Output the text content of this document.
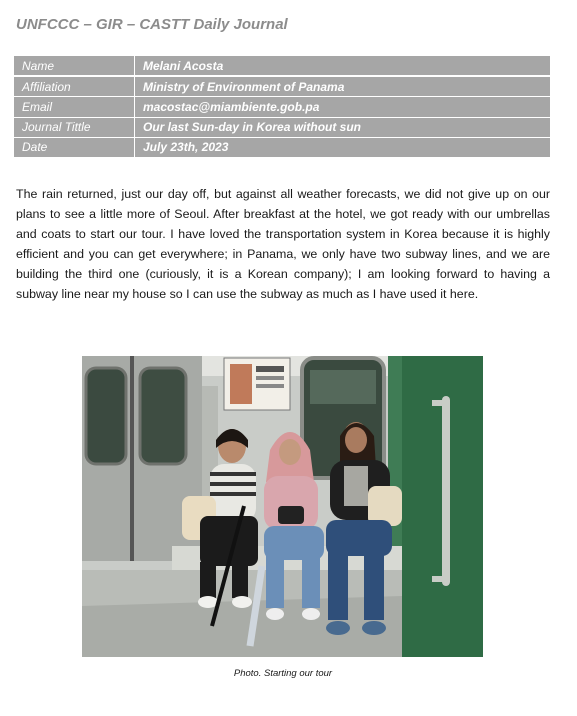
UNFCCC – GIR – CASTT Daily Journal
Name	Melani Acosta
Affiliation	Ministry of Environment of Panama
Email	macostac@miambiente.gob.pa
Journal Tittle	Our last Sun-day in Korea without sun
Date	July 23th, 2023
The rain returned, just our day off, but against all weather forecasts, we did not give up on our plans to see a little more of Seoul. After breakfast at the hotel, we got ready with our umbrellas and coats to start our tour. I have loved the transportation system in Korea because it is highly efficient and you can get everywhere; in Panama, we only have two subway lines, and we are building the third one (curiously, it is a Korean company); I am looking forward to having a subway line near my house so I can use the subway as much as I have used it here.
Photo. Starting our tour
